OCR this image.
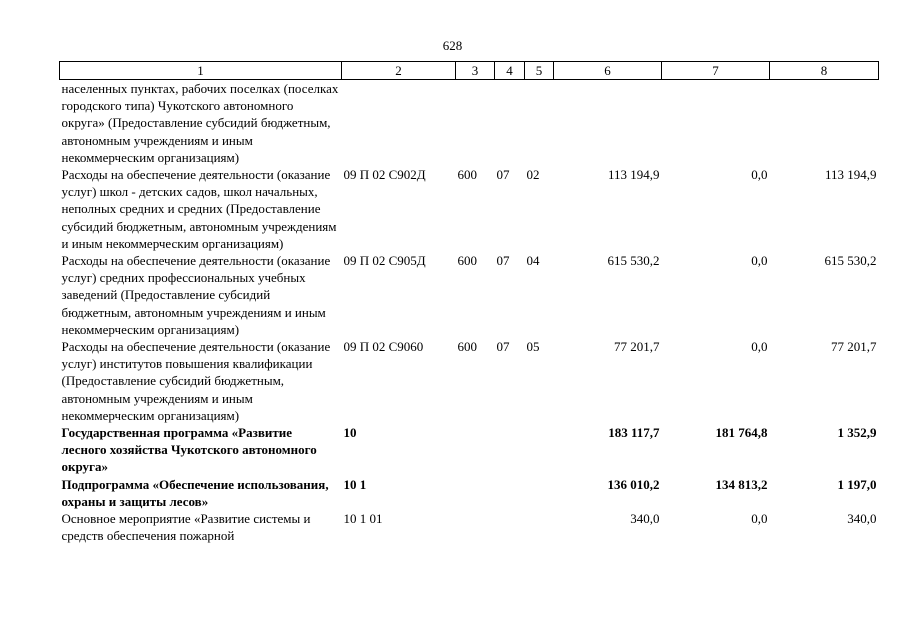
628
1	2	3	4	5	6	7	8
населенных пунктах, рабочих поселках (поселках городского типа) Чукотского автономного округа» (Предоставление субсидий бюджетным, автономным учреждениям и иным некоммерческим организациям)							
Расходы на обеспечение деятельности (оказание услуг) школ - детских садов, школ начальных, неполных средних и средних (Предоставление субсидий бюджетным, автономным учреждениям и иным некоммерческим организациям)	09 П 02 С902Д	600	07	02	113 194,9	0,0	113 194,9
Расходы на обеспечение деятельности (оказание услуг) средних профессиональных учебных заведений (Предоставление субсидий бюджетным, автономным учреждениям и иным некоммерческим организациям)	09 П 02 С905Д	600	07	04	615 530,2	0,0	615 530,2
Расходы на обеспечение деятельности (оказание услуг) институтов повышения квалификации (Предоставление субсидий бюджетным, автономным учреждениям и иным некоммерческим организациям)	09 П 02 С9060	600	07	05	77 201,7	0,0	77 201,7
Государственная программа «Развитие лесного хозяйства Чукотского автономного округа»	10				183 117,7	181 764,8	1 352,9
Подпрограмма «Обеспечение использования, охраны и защиты лесов»	10 1				136 010,2	134 813,2	1 197,0
Основное мероприятие «Развитие системы и средств обеспечения пожарной	10 1 01				340,0	0,0	340,0
